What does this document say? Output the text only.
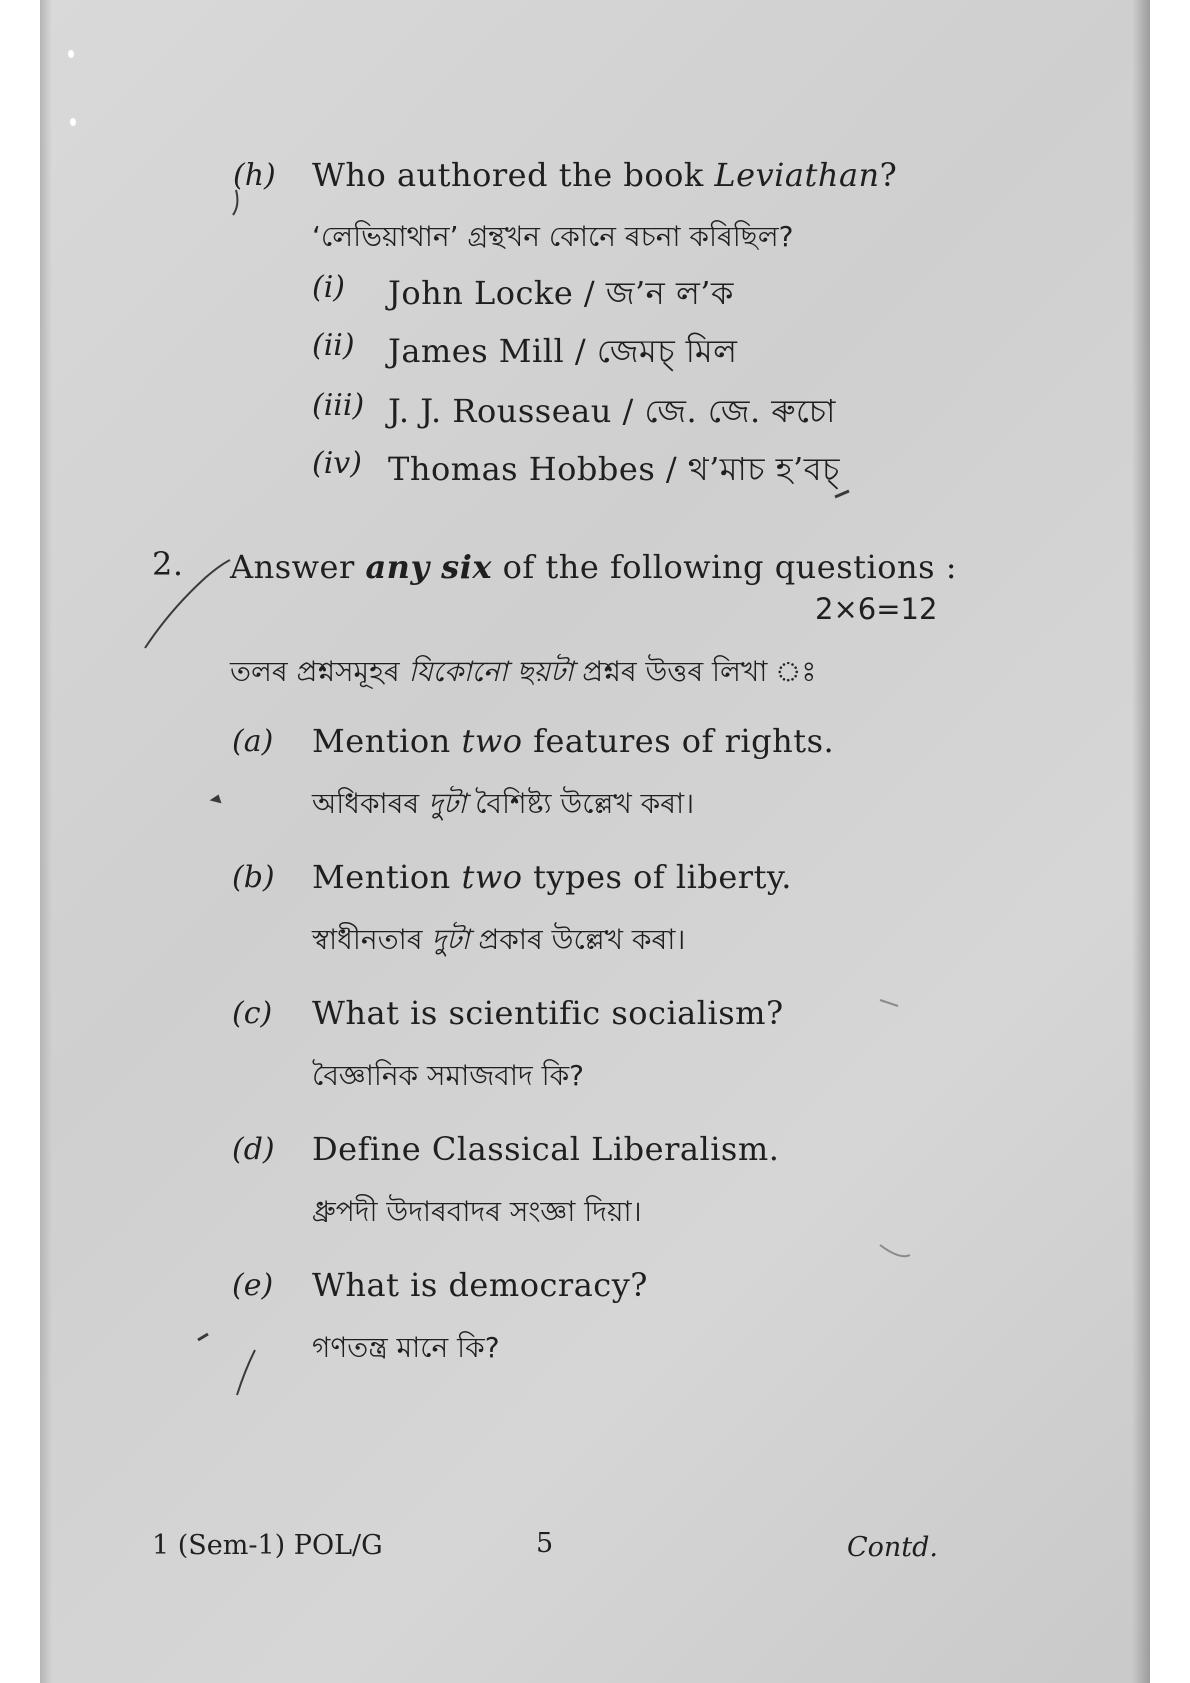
(h) Who authored the book Leviathan?
‘লেভিয়াথান’ গ্ৰন্থখন কোনে ৰচনা কৰিছিল?
(i) John Locke / জ’ন ল’ক
(ii) James Mill / জেমচ্ মিল
(iii) J. J. Rousseau / জে. জে. ৰুচো
(iv) Thomas Hobbes / থ’মাচ হ’বচ্
2. Answer any six of the following questions :
2×6=12
তলৰ প্ৰশ্নসমূহৰ যিকোনো ছয়টা প্ৰশ্নৰ উত্তৰ লিখা ঃ
(a) Mention two features of rights.
অধিকাৰৰ দুটা বৈশিষ্ট্য উল্লেখ কৰা।
(b) Mention two types of liberty.
স্বাধীনতাৰ দুটা প্ৰকাৰ উল্লেখ কৰা।
(c) What is scientific socialism?
বৈজ্ঞানিক সমাজবাদ কি?
(d) Define Classical Liberalism.
ধ্ৰুপদী উদাৰবাদৰ সংজ্ঞা দিয়া।
(e) What is democracy?
গণতন্ত্ৰ মানে কি?
1 (Sem-1) POL/G	5	Contd.
